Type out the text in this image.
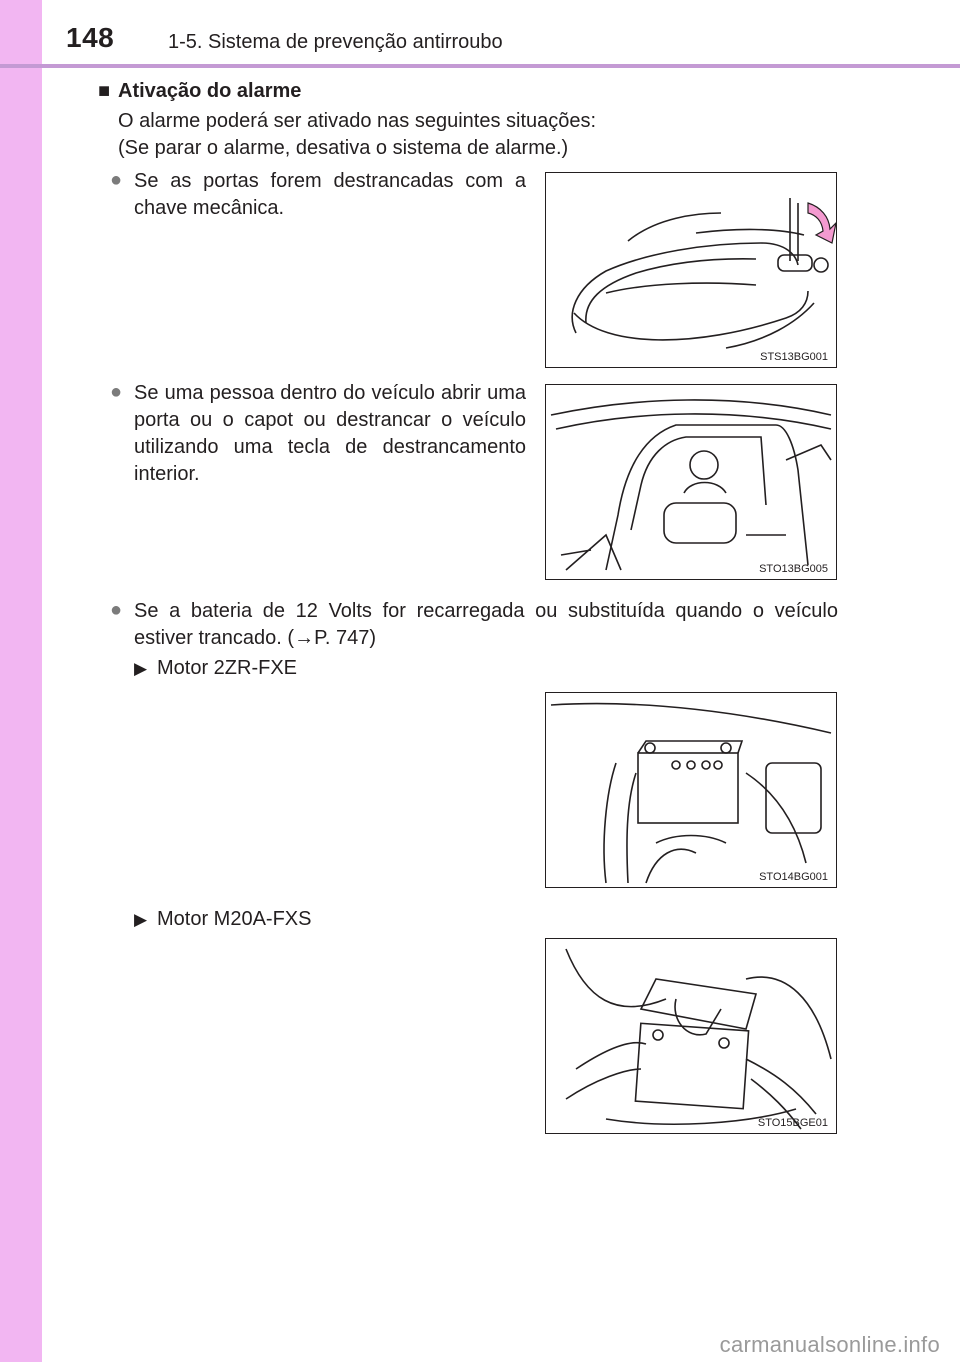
148	1-5. Sistema de prevenção antirroubo
■ Ativação do alarme
O alarme poderá ser ativado nas seguintes situações:
(Se parar o alarme, desativa o sistema de alarme.)
● Se as portas forem destrancadas com a chave mecânica.
STS13BG001
● Se uma pessoa dentro do veículo abrir uma porta ou o capot ou destrancar o veículo utilizando uma tecla de destrancamento interior.
STO13BG005
● Se a bateria de 12 Volts for recarregada ou substituída quando o veículo estiver trancado. (→P. 747)
▶ Motor 2ZR-FXE
STO14BG001
▶ Motor M20A-FXS
STO15BGE01
carmanualsonline.info
